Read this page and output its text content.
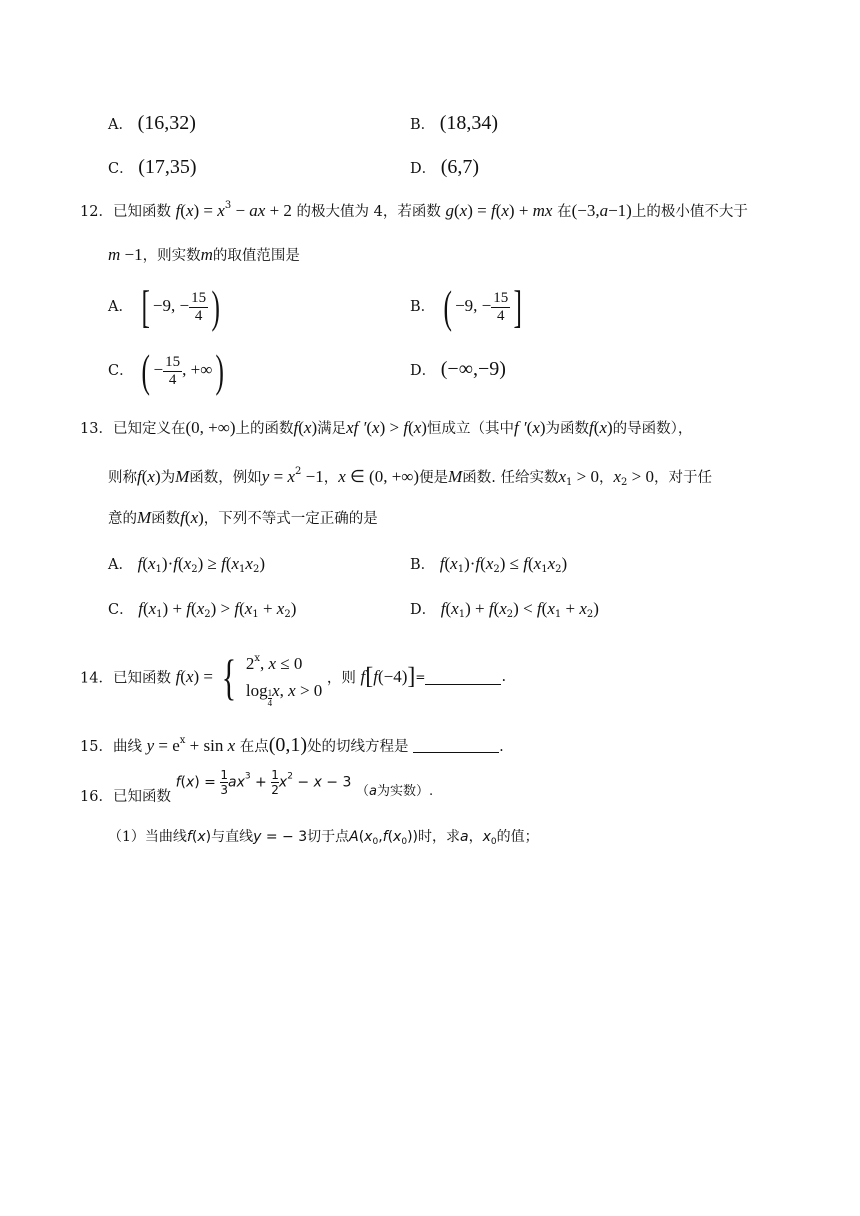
A． (16,32)	B． (18,34)
C． (17,35)	D． (6,7)
12．已知函数 $f(x) = x^3$ − ax + 2 的极大值为 4，若函数 g(x) = f(x) + mx 在(−3,a−1)上的极小值不大于
m −1，则实数m的取值范围是
A． [ −9, − $\frac{15}{4}$ )	B． ( −9, − $\frac{15}{4}$ ]
C． ( − $\frac{15}{4}$ , +∞)	D． (−∞,−9)
13．已知定义在(0, +∞)上的函数f(x)满足xf ′(x) > f(x)恒成立（其中f ′(x)为函数f(x)的导函数），
则称f(x)为M函数，例如$y = x^2 -1$，x ∈ (0, +∞)便是M函数. 任给实数$x_1 > 0$，$x_2 > 0$，对于任
意的M函数f(x)，下列不等式一定正确的是
A． $f(x_1)\cdot f(x_2) \ge f(x_1x_2)$	B． $f(x_1)\cdot f(x_2) \le f(x_1x_2)$
C． $f(x_1) + f(x_2) > f(x_1 + x_2)$	D． $f(x_1) + f(x_2) < f(x_1 + x_2)$
14．已知函数 f(x) = { 2$^x$, x ≤ 0
$\log \frac{1}{4} x$, x > 0
，则 f[f(−4)]=	.
15．曲线 $y = e^x + \sin x$ 在点(0,1)处的切线方程是	.
16．已知函数 $f(x) = \frac{1}{3} ax^3 + \frac{1}{2} x^2 - x - 3$ （a为实数）.
（1）当曲线f(x)与直线y = − 3切于点$A(x_0,f(x_0))$时，求a，$x_0$的值；
